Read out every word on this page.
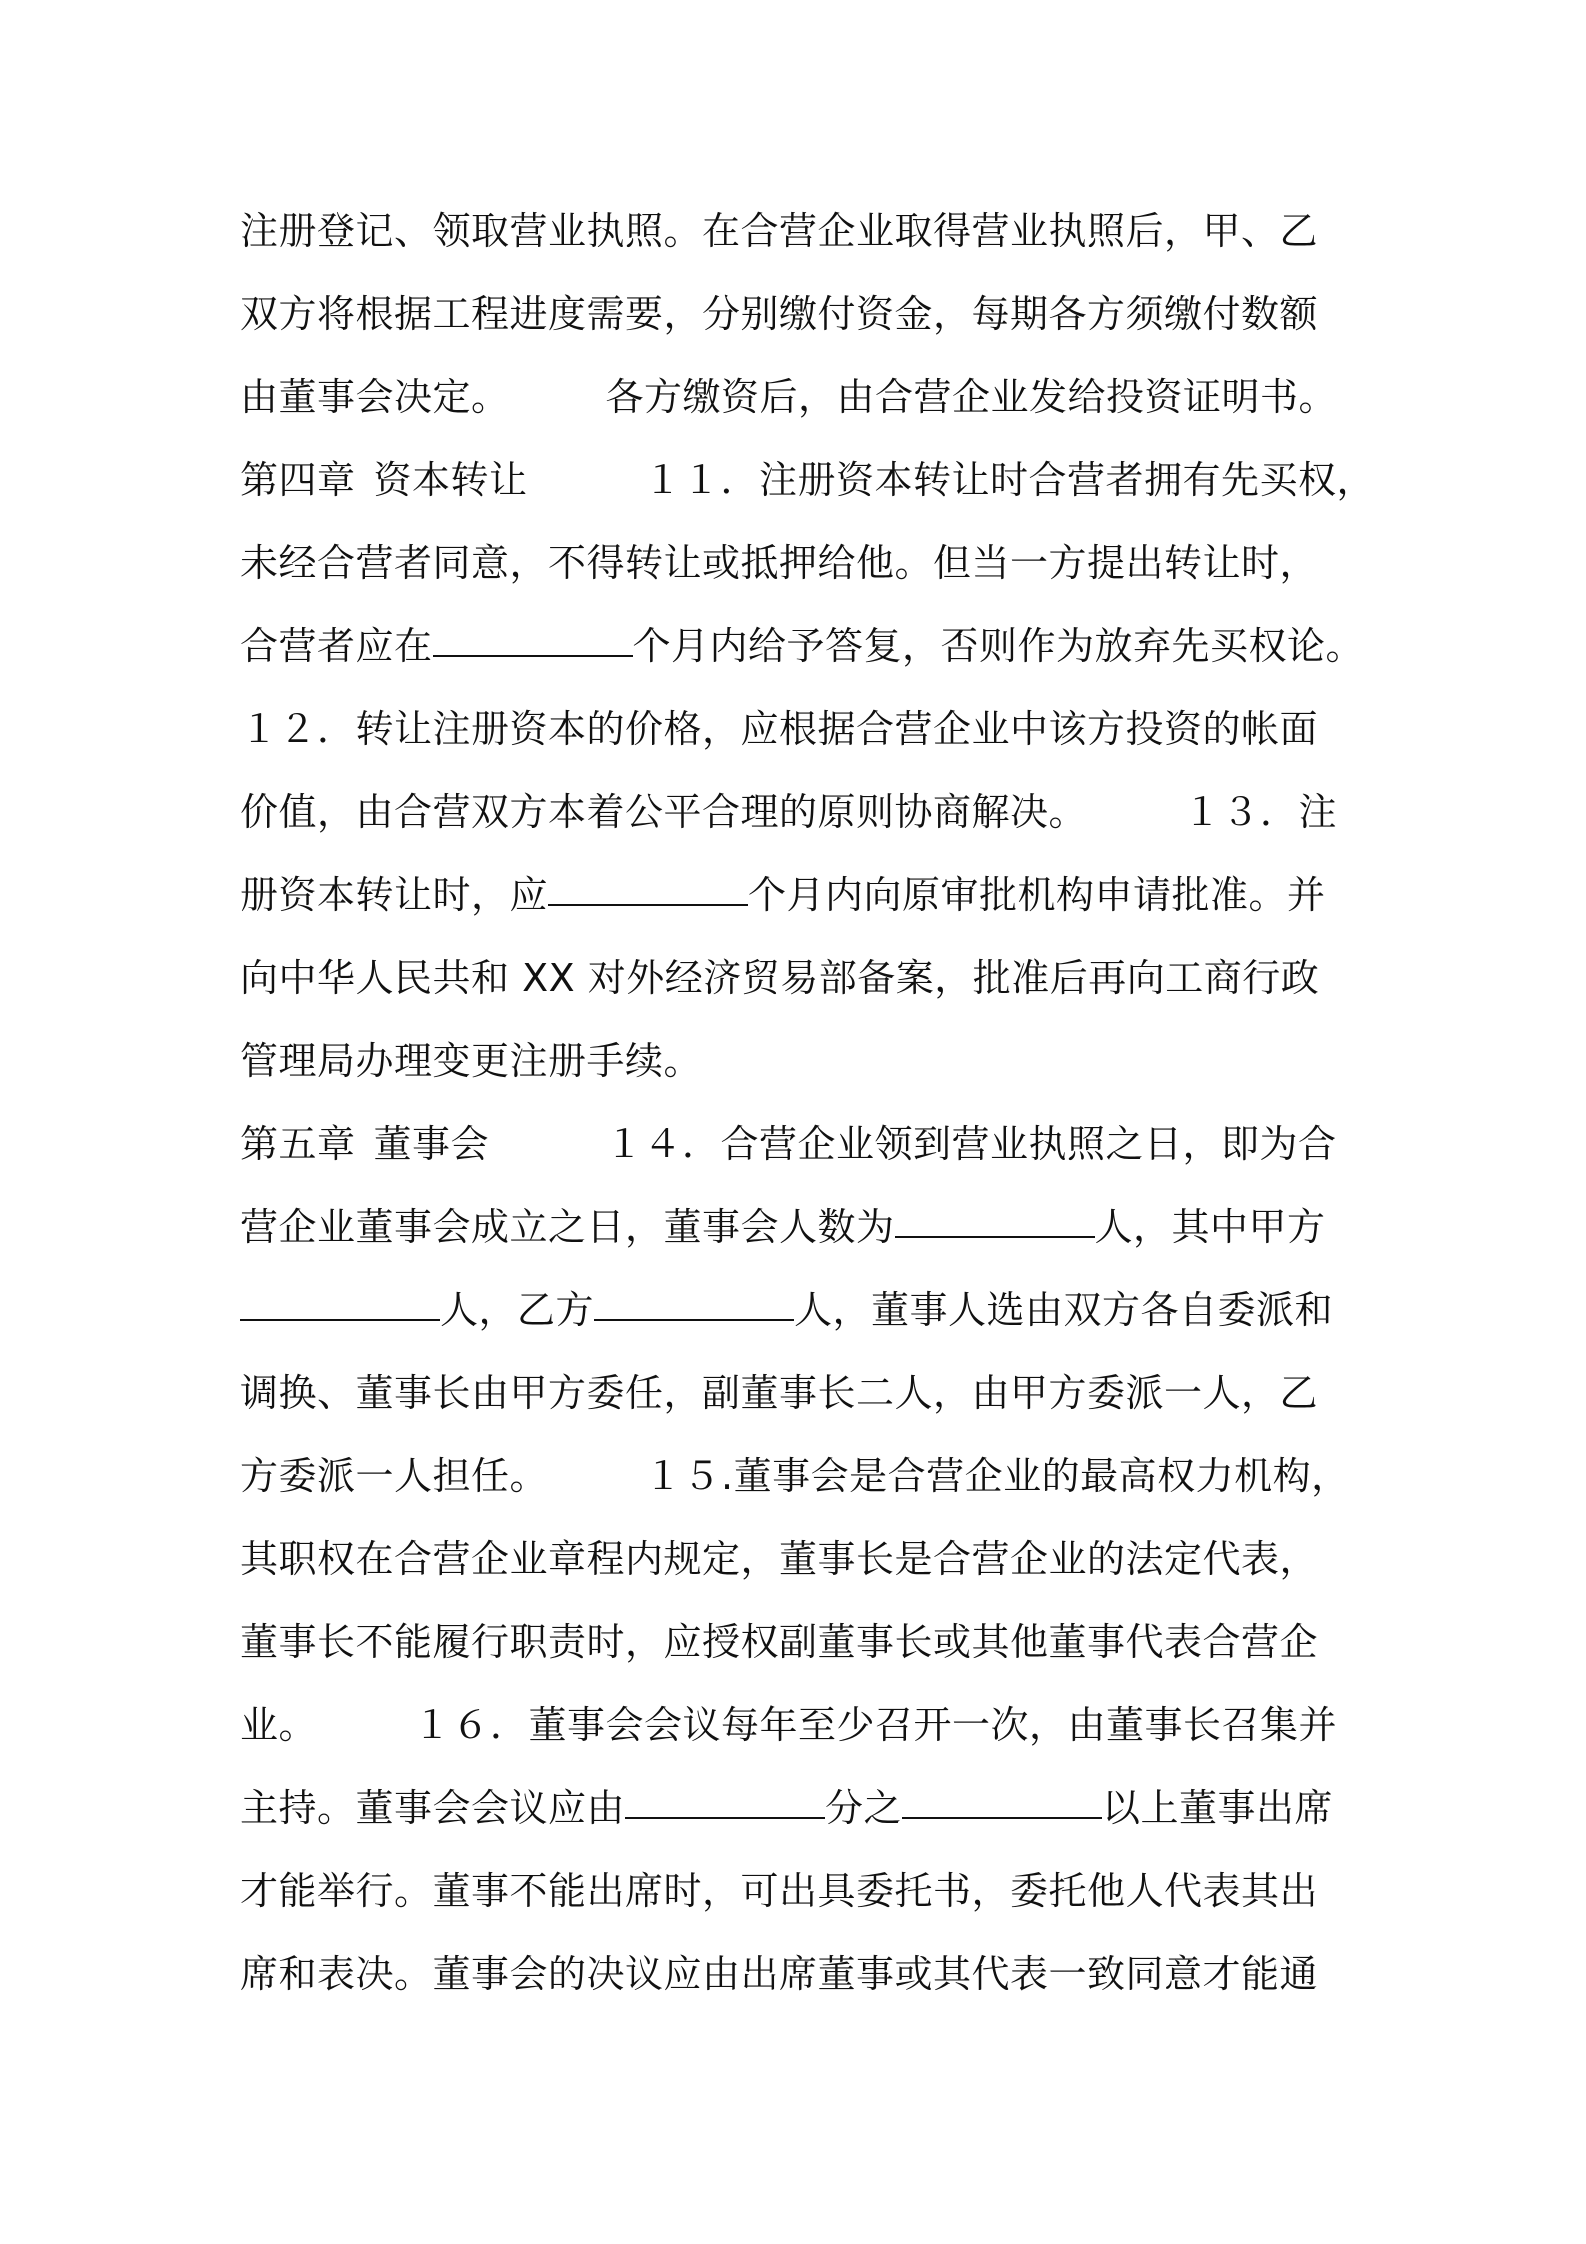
注册登记、领取营业执照。在合营企业取得营业执照后，甲、乙
双方将根据工程进度需要，分别缴付资金，每期各方须缴付数额
由董事会决定。	各方缴资后，由合营企业发给投资证明书。
第四章 资本转让	１１．注册资本转让时合营者拥有先买权，
未经合营者同意，不得转让或抵押给他。但当一方提出转让时，
合营者应在	个月内给予答复，否则作为放弃先买权论。
１２．转让注册资本的价格，应根据合营企业中该方投资的帐面
价值，由合营双方本着公平合理的原则协商解决。	１３．注
册资本转让时，应	个月内向原审批机构申请批准。并
向中华人民共和 XX 对外经济贸易部备案，批准后再向工商行政
管理局办理变更注册手续。
第五章 董事会	１４．合营企业领到营业执照之日，即为合
营企业董事会成立之日，董事会人数为	人，其中甲方
人，乙方	人，董事人选由双方各自委派和
调换、董事长由甲方委任，副董事长二人，由甲方委派一人，乙
方委派一人担任。	１５.董事会是合营企业的最高权力机构，
其职权在合营企业章程内规定，董事长是合营企业的法定代表，
董事长不能履行职责时，应授权副董事长或其他董事代表合营企
业。	１６．董事会会议每年至少召开一次，由董事长召集并
主持。董事会会议应由	分之	以上董事出席
才能举行。董事不能出席时，可出具委托书，委托他人代表其出
席和表决。董事会的决议应由出席董事或其代表一致同意才能通
